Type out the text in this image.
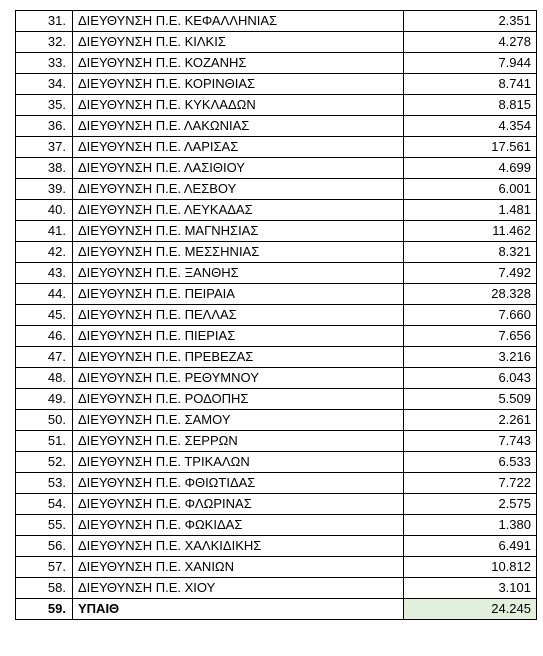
31.	ΔΙΕΥΘΥΝΣΗ Π.Ε. ΚΕΦΑΛΛΗΝΙΑΣ	2.351
32.	ΔΙΕΥΘΥΝΣΗ Π.Ε. ΚΙΛΚΙΣ	4.278
33.	ΔΙΕΥΘΥΝΣΗ Π.Ε. ΚΟΖΑΝΗΣ	7.944
34.	ΔΙΕΥΘΥΝΣΗ Π.Ε. ΚΟΡΙΝΘΙΑΣ	8.741
35.	ΔΙΕΥΘΥΝΣΗ Π.Ε. ΚΥΚΛΑΔΩΝ	8.815
36.	ΔΙΕΥΘΥΝΣΗ Π.Ε. ΛΑΚΩΝΙΑΣ	4.354
37.	ΔΙΕΥΘΥΝΣΗ Π.Ε. ΛΑΡΙΣΑΣ	17.561
38.	ΔΙΕΥΘΥΝΣΗ Π.Ε. ΛΑΣΙΘΙΟΥ	4.699
39.	ΔΙΕΥΘΥΝΣΗ Π.Ε. ΛΕΣΒΟΥ	6.001
40.	ΔΙΕΥΘΥΝΣΗ Π.Ε. ΛΕΥΚΑΔΑΣ	1.481
41.	ΔΙΕΥΘΥΝΣΗ Π.Ε. ΜΑΓΝΗΣΙΑΣ	11.462
42.	ΔΙΕΥΘΥΝΣΗ Π.Ε. ΜΕΣΣΗΝΙΑΣ	8.321
43.	ΔΙΕΥΘΥΝΣΗ Π.Ε. ΞΑΝΘΗΣ	7.492
44.	ΔΙΕΥΘΥΝΣΗ Π.Ε. ΠΕΙΡΑΙΑ	28.328
45.	ΔΙΕΥΘΥΝΣΗ Π.Ε. ΠΕΛΛΑΣ	7.660
46.	ΔΙΕΥΘΥΝΣΗ Π.Ε. ΠΙΕΡΙΑΣ	7.656
47.	ΔΙΕΥΘΥΝΣΗ Π.Ε. ΠΡΕΒΕΖΑΣ	3.216
48.	ΔΙΕΥΘΥΝΣΗ Π.Ε. ΡΕΘΥΜΝΟΥ	6.043
49.	ΔΙΕΥΘΥΝΣΗ Π.Ε. ΡΟΔΟΠΗΣ	5.509
50.	ΔΙΕΥΘΥΝΣΗ Π.Ε. ΣΑΜΟΥ	2.261
51.	ΔΙΕΥΘΥΝΣΗ Π.Ε. ΣΕΡΡΩΝ	7.743
52.	ΔΙΕΥΘΥΝΣΗ Π.Ε. ΤΡΙΚΑΛΩΝ	6.533
53.	ΔΙΕΥΘΥΝΣΗ Π.Ε. ΦΘΙΩΤΙΔΑΣ	7.722
54.	ΔΙΕΥΘΥΝΣΗ Π.Ε. ΦΛΩΡΙΝΑΣ	2.575
55.	ΔΙΕΥΘΥΝΣΗ Π.Ε. ΦΩΚΙΔΑΣ	1.380
56.	ΔΙΕΥΘΥΝΣΗ Π.Ε. ΧΑΛΚΙΔΙΚΗΣ	6.491
57.	ΔΙΕΥΘΥΝΣΗ Π.Ε. ΧΑΝΙΩΝ	10.812
58.	ΔΙΕΥΘΥΝΣΗ Π.Ε. ΧΙΟΥ	3.101
59.	ΥΠΑΙΘ	24.245
